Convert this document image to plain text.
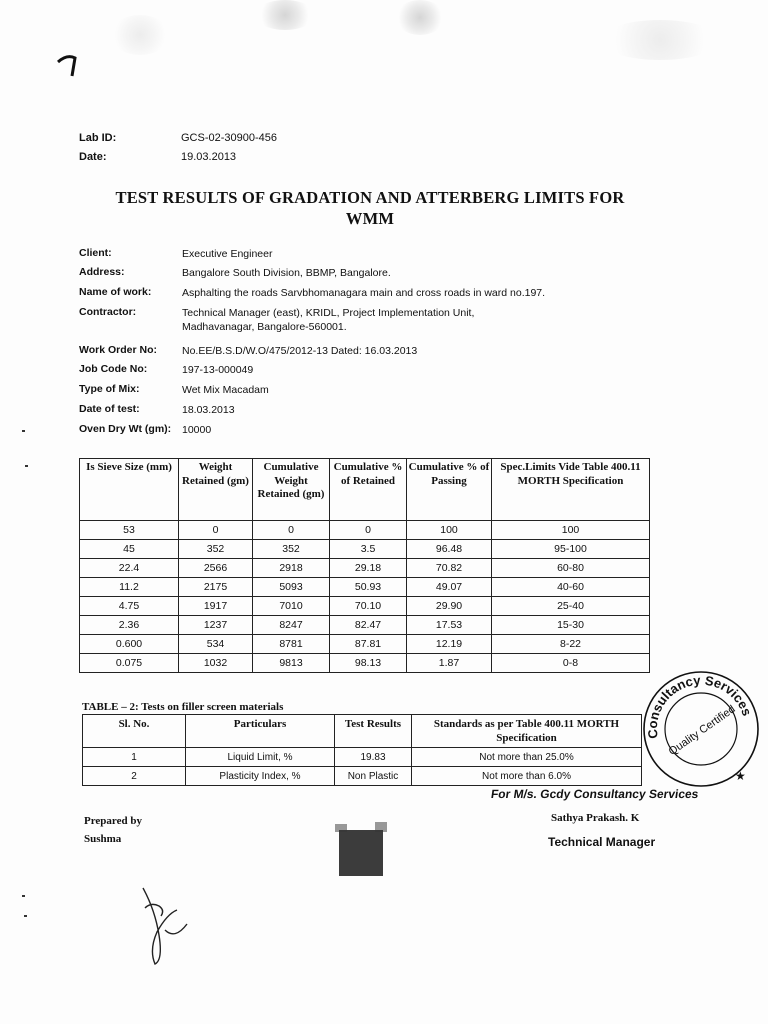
Lab ID:	GCS-02-30900-456
Date:	19.03.2013
TEST RESULTS OF GRADATION AND ATTERBERG LIMITS FOR
WMM
Client:	Executive Engineer
Address:	Bangalore South Division, BBMP, Bangalore.
Name of work:	Asphalting the roads Sarvbhomanagara main and cross roads in ward no.197.
Contractor:	Technical Manager (east), KRIDL, Project Implementation Unit,
Madhavanagar, Bangalore-560001.
Work Order No:	No.EE/B.S.D/W.O/475/2012-13 Dated: 16.03.2013
Job Code No:	197-13-000049
Type of Mix:	Wet Mix Macadam
Date of test:	18.03.2013
Oven Dry Wt (gm):	10000
Is Sieve Size (mm)	Weight Retained (gm)	Cumulative Weight Retained (gm)	Cumulative % of Retained	Cumulative % of Passing	Spec.Limits Vide Table 400.11 MORTH Specification
53	0	0	0	100	100
45	352	352	3.5	96.48	95-100
22.4	2566	2918	29.18	70.82	60-80
11.2	2175	5093	50.93	49.07	40-60
4.75	1917	7010	70.10	29.90	25-40
2.36	1237	8247	82.47	17.53	15-30
0.600	534	8781	87.81	12.19	8-22
0.075	1032	9813	98.13	1.87	0-8
TABLE – 2: Tests on filler screen materials
Sl. No.	Particulars	Test Results	Standards as per Table 400.11 MORTH Specification
1	Liquid Limit, %	19.83	Not more than 25.0%
2	Plasticity Index, %	Non Plastic	Not more than 6.0%
Consultancy Services
Quality Certified
★
For M/s. Gcdy Consultancy Services
Prepared by
Sushma
Sathya Prakash. K
Technical Manager
